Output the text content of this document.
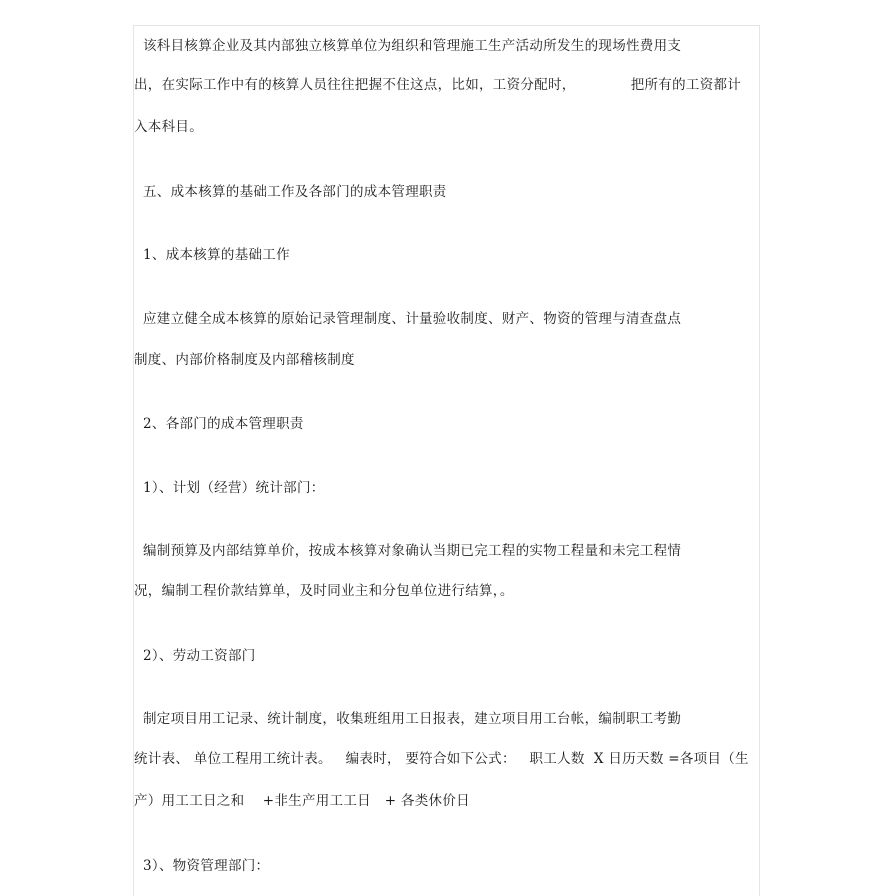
该科目核算企业及其内部独立核算单位为组织和管理施工生产活动所发生的现场性费用支
出，在实际工作中有的核算人员往往把握不住这点，比如，工资分配时，            把所有的工资都计
入本科目。
五、成本核算的基础工作及各部门的成本管理职责
1、成本核算的基础工作
应建立健全成本核算的原始记录管理制度、计量验收制度、财产、物资的管理与清查盘点
制度、内部价格制度及内部稽核制度
2、各部门的成本管理职责
1）、计划（经营）统计部门：
编制预算及内部结算单价，按成本核算对象确认当期已完工程的实物工程量和未完工程情
况，编制工程价款结算单，及时同业主和分包单位进行结算，。
2）、劳动工资部门
制定项目用工记录、统计制度，收集班组用工日报表，建立项目用工台帐，编制职工考勤
统计表、 单位工程用工统计表。   编表时， 要符合如下公式：   职工人数  X 日历天数 =各项目（生
产）用工工日之和    +非生产用工工日   + 各类休价日
3）、物资管理部门：
